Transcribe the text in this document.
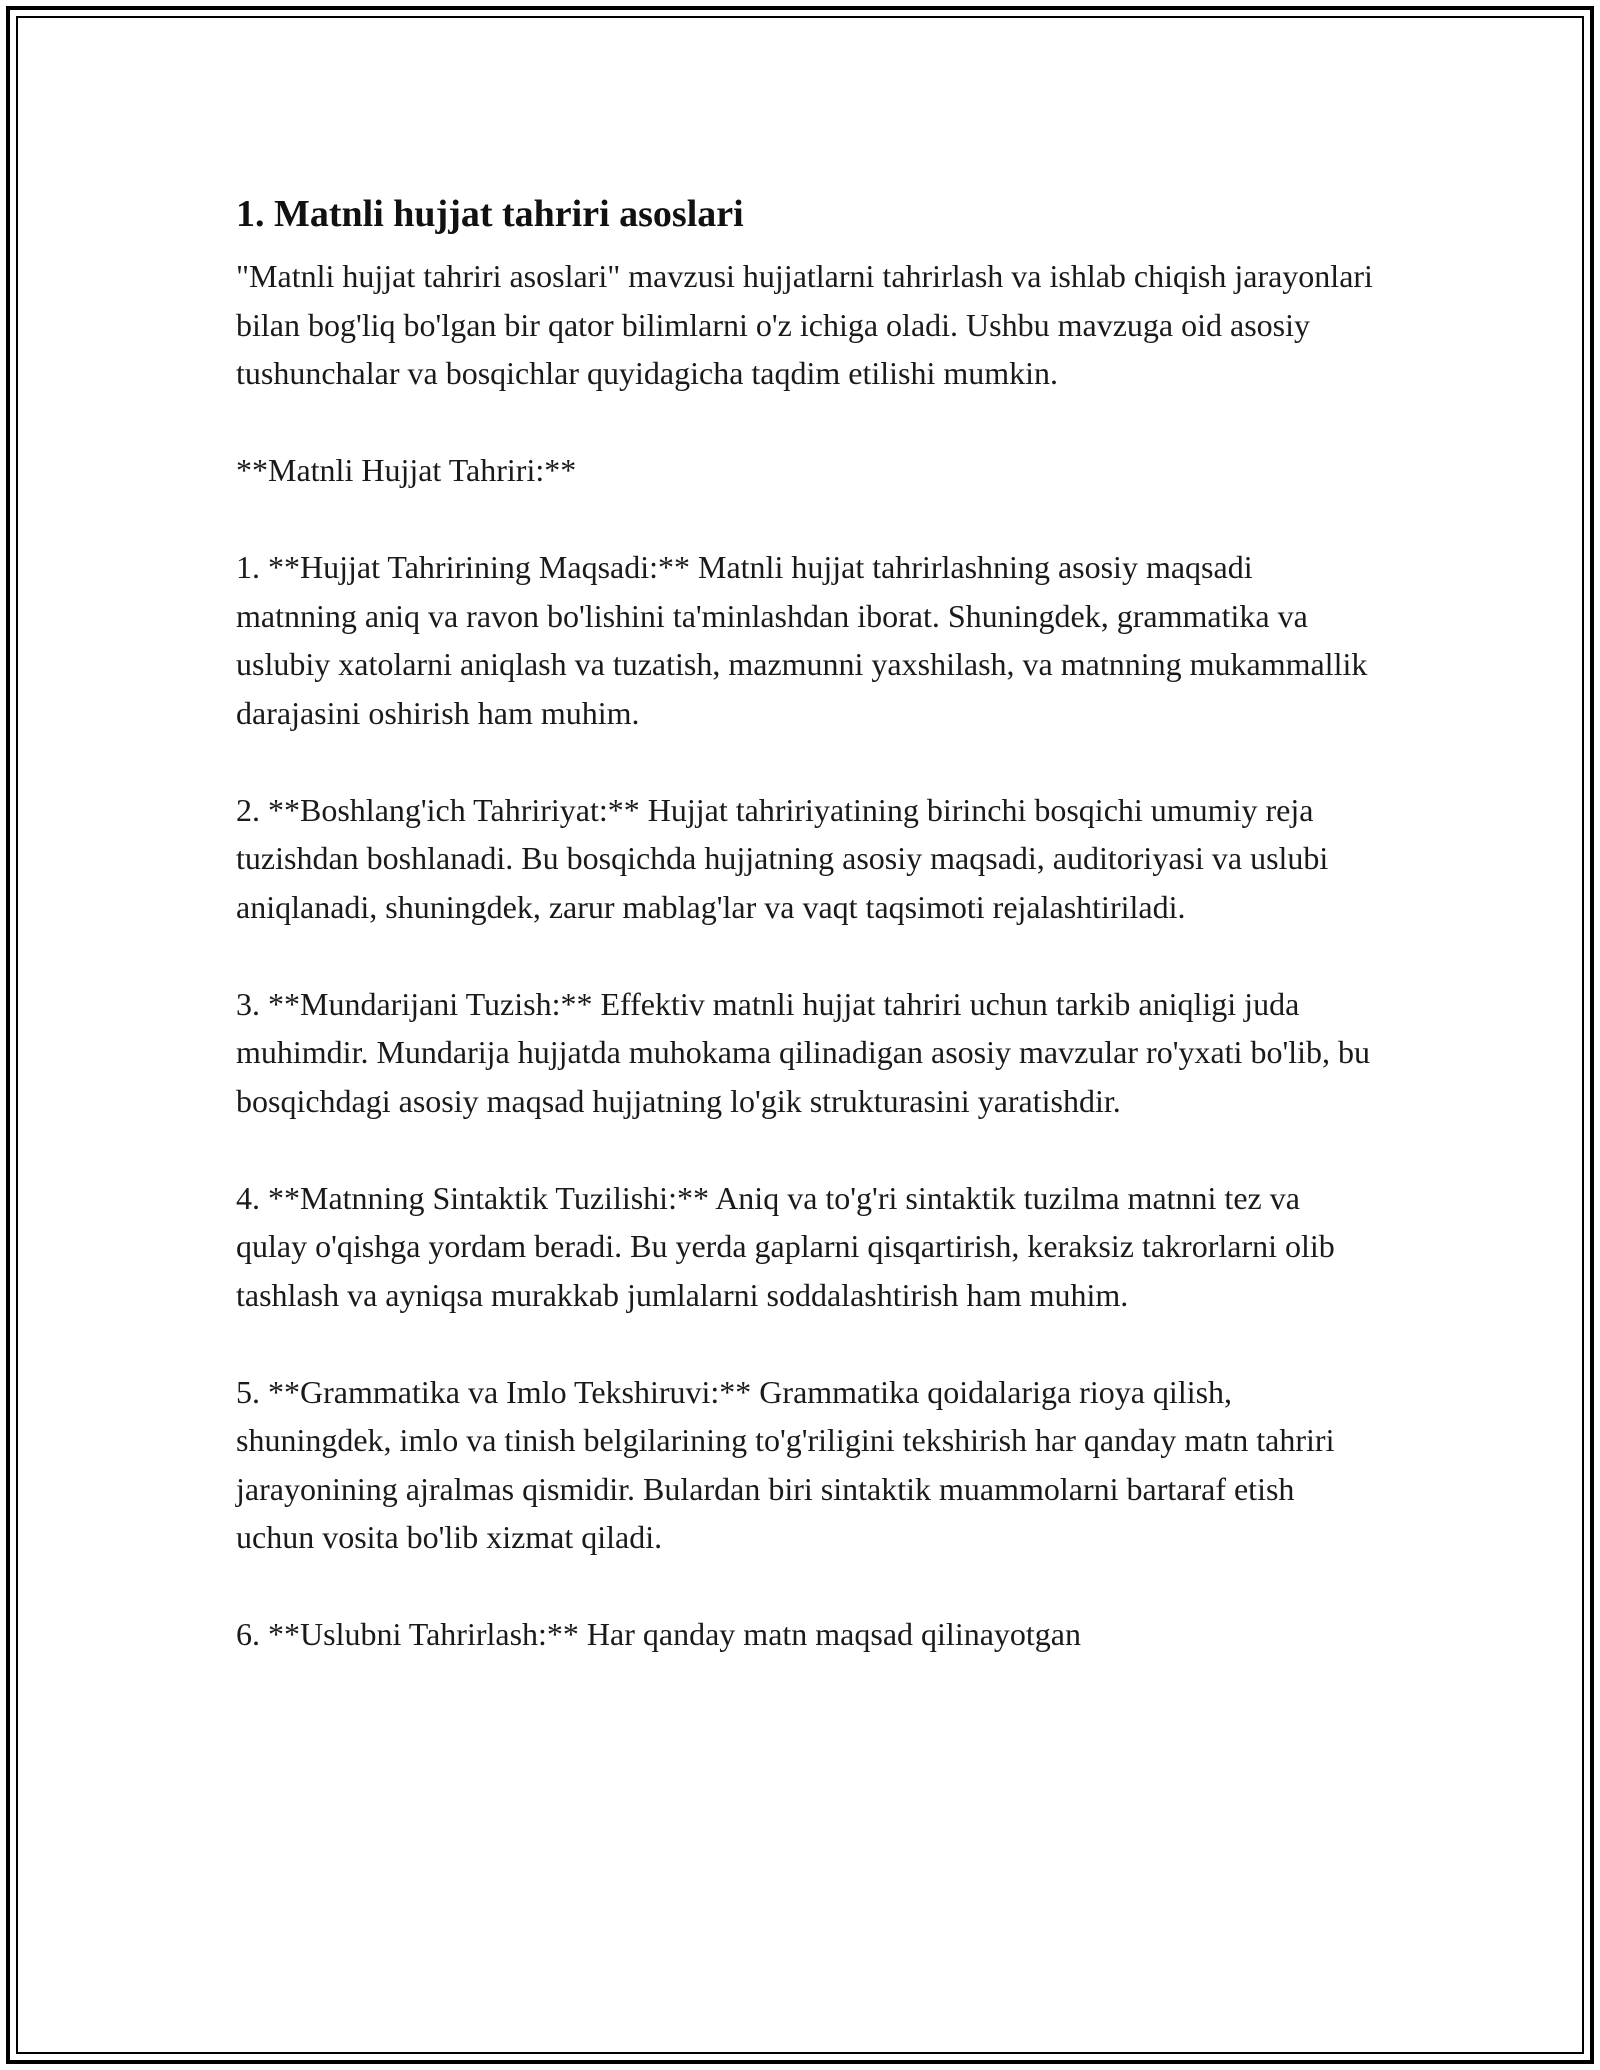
1. Matnli hujjat tahriri asoslari

"Matnli hujjat tahriri asoslari" mavzusi hujjatlarni tahrirlash va ishlab chiqish jarayonlari bilan bog'liq bo'lgan bir qator bilimlarni o'z ichiga oladi. Ushbu mavzuga oid asosiy tushunchalar va bosqichlar quyidagicha taqdim etilishi mumkin.

**Matnli Hujjat Tahriri:**

1. **Hujjat Tahririning Maqsadi:** Matnli hujjat tahrirlashning asosiy maqsadi matnning aniq va ravon bo'lishini ta'minlashdan iborat. Shuningdek, grammatika va uslubiy xatolarni aniqlash va tuzatish, mazmunni yaxshilash, va matnning mukammallik darajasini oshirish ham muhim.

2. **Boshlang'ich Tahririyat:** Hujjat tahririyatining birinchi bosqichi umumiy reja tuzishdan boshlanadi. Bu bosqichda hujjatning asosiy maqsadi, auditoriyasi va uslubi aniqlanadi, shuningdek, zarur mablag'lar va vaqt taqsimoti rejalashtiriladi.

3. **Mundarijani Tuzish:** Effektiv matnli hujjat tahriri uchun tarkib aniqligi juda muhimdir. Mundarija hujjatda muhokama qilinadigan asosiy mavzular ro'yxati bo'lib, bu bosqichdagi asosiy maqsad hujjatning lo'gik strukturasini yaratishdir.

4. **Matnning Sintaktik Tuzilishi:** Aniq va to'g'ri sintaktik tuzilma matnni tez va qulay o'qishga yordam beradi. Bu yerda gaplarni qisqartirish, keraksiz takrorlarni olib tashlash va ayniqsa murakkab jumlalarni soddalashtirish ham muhim.

5. **Grammatika va Imlo Tekshiruvi:** Grammatika qoidalariga rioya qilish, shuningdek, imlo va tinish belgilarining to'g'riligini tekshirish har qanday matn tahriri jarayonining ajralmas qismidir. Bulardan biri sintaktik muammolarni bartaraf etish uchun vosita bo'lib xizmat qiladi.

6. **Uslubni Tahrirlash:** Har qanday matn maqsad qilinayotgan
